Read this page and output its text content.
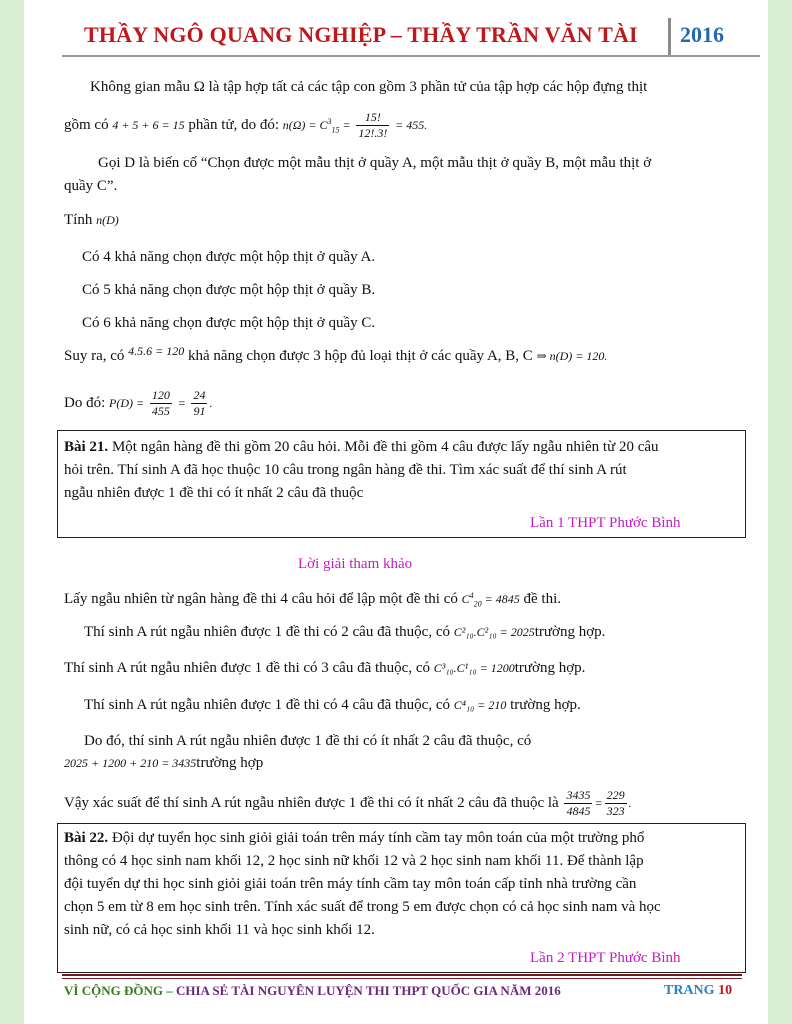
THẦY NGÔ QUANG NGHIỆP – THẦY TRẦN VĂN TÀI 2016
Không gian mẫu Ω là tập hợp tất cả các tập con gồm 3 phần tử của tập hợp các hộp đựng thịt
gồm có 4 + 5 + 6 = 15 phần tử, do đó: $n(\Omega) = C^3_{15} = \frac{15!}{12!.3!} = 455$.
Gọi D là biến cố “Chọn được một mẫu thịt ở quầy A, một mẫu thịt ở quầy B, một mẫu thịt ở
quầy C”.
Tính n(D)
Có 4 khả năng chọn được một hộp thịt ở quầy A.
Có 5 khả năng chọn được một hộp thịt ở quầy B.
Có 6 khả năng chọn được một hộp thịt ở quầy C.
Suy ra, có $^{4.5.6 = 120}$ khả năng chọn được 3 hộp đủ loại thịt ở các quầy A, B, C ⇒ n(D) = 120.
Do đó: $P(D) = \frac{120}{455} = \frac{24}{91}$ .
Bài 21. Một ngân hàng đề thi gồm 20 câu hỏi. Mỗi đề thi gồm 4 câu được lấy ngẫu nhiên từ 20 câu
hỏi trên. Thí sinh A đã học thuộc 10 câu trong ngân hàng đề thi. Tìm xác suất để thí sinh A rút
ngẫu nhiên được 1 đề thi có ít nhất 2 câu đã thuộc
Lần 1 THPT Phước Bình
Lời giải tham khảo
Lấy ngẫu nhiên từ ngân hàng đề thi 4 câu hỏi để lập một đề thi có $C^4_{20} = 4845$ đề thi.
Thí sinh A rút ngẫu nhiên được 1 đề thi có 2 câu đã thuộc, có C²₁₀.C²₁₀ = 2025trường hợp.
Thí sinh A rút ngẫu nhiên được 1 đề thi có 3 câu đã thuộc, có C³₁₀.C¹₁₀ = 1200trường hợp.
Thí sinh A rút ngẫu nhiên được 1 đề thi có 4 câu đã thuộc, có C⁴₁₀ = 210 trường hợp.
Do đó, thí sinh A rút ngẫu nhiên được 1 đề thi có ít nhất 2 câu đã thuộc, có
2025 + 1200 + 210 = 3435trường hợp
Vậy xác suất để thí sinh A rút ngẫu nhiên được 1 đề thi có ít nhất 2 câu đã thuộc là $\frac{3435}{4845} = \frac{229}{323}$ .
Bài 22. Đội dự tuyển học sinh giỏi giải toán trên máy tính cầm tay môn toán của một trường phổ
thông có 4 học sinh nam khối 12, 2 học sinh nữ khối 12 và 2 học sinh nam khối 11. Để thành lập
đội tuyển dự thi học sinh giỏi giải toán trên máy tính cầm tay môn toán cấp tỉnh nhà trường cần
chọn 5 em từ 8 em học sinh trên. Tính xác suất để trong 5 em được chọn có cả học sinh nam và học
sinh nữ, có cả học sinh khối 11 và học sinh khối 12.
Lần 2 THPT Phước Bình
VÌ CỘNG ĐỒNG – CHIA SẺ TÀI NGUYÊN LUYỆN THI THPT QUỐC GIA NĂM 2016	TRANG 10
